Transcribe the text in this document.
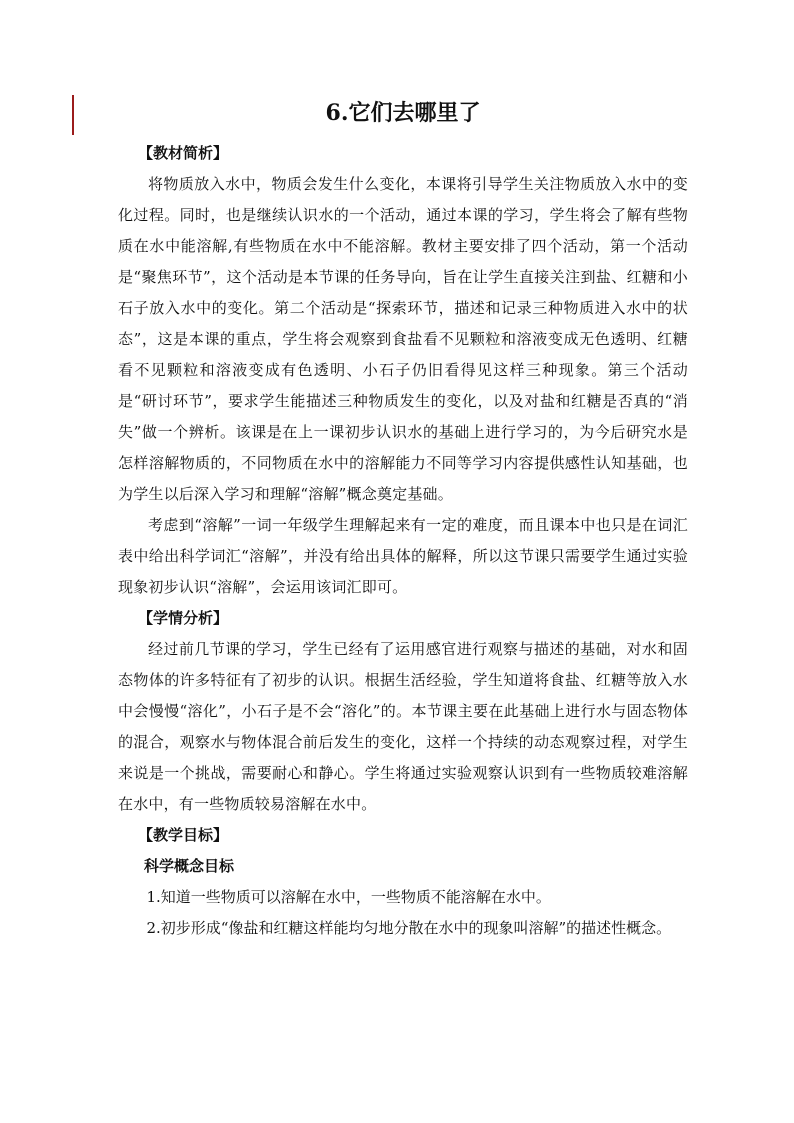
6.它们去哪里了

【教材简析】

将物质放入水中，物质会发生什么变化，本课将引导学生关注物质放入水中的变化过程。同时，也是继续认识水的一个活动，通过本课的学习，学生将会了解有些物质在水中能溶解,有些物质在水中不能溶解。教材主要安排了四个活动，第一个活动是“聚焦环节”，这个活动是本节课的任务导向，旨在让学生直接关注到盐、红糖和小石子放入水中的变化。第二个活动是“探索环节，描述和记录三种物质进入水中的状态”，这是本课的重点，学生将会观察到食盐看不见颗粒和溶液变成无色透明、红糖看不见颗粒和溶液变成有色透明、小石子仍旧看得见这样三种现象。第三个活动是“研讨环节”，要求学生能描述三种物质发生的变化，以及对盐和红糖是否真的“消失”做一个辨析。该课是在上一课初步认识水的基础上进行学习的，为今后研究水是怎样溶解物质的，不同物质在水中的溶解能力不同等学习内容提供感性认知基础，也为学生以后深入学习和理解“溶解”概念奠定基础。

考虑到“溶解”一词一年级学生理解起来有一定的难度，而且课本中也只是在词汇表中给出科学词汇“溶解”，并没有给出具体的解释，所以这节课只需要学生通过实验现象初步认识“溶解”，会运用该词汇即可。

【学情分析】

经过前几节课的学习，学生已经有了运用感官进行观察与描述的基础，对水和固态物体的许多特征有了初步的认识。根据生活经验，学生知道将食盐、红糖等放入水中会慢慢“溶化”，小石子是不会“溶化”的。本节课主要在此基础上进行水与固态物体的混合，观察水与物体混合前后发生的变化，这样一个持续的动态观察过程，对学生来说是一个挑战，需要耐心和静心。学生将通过实验观察认识到有一些物质较难溶解在水中，有一些物质较易溶解在水中。

【教学目标】

科学概念目标

1.知道一些物质可以溶解在水中，一些物质不能溶解在水中。

2.初步形成“像盐和红糖这样能均匀地分散在水中的现象叫溶解”的描述性概念。
